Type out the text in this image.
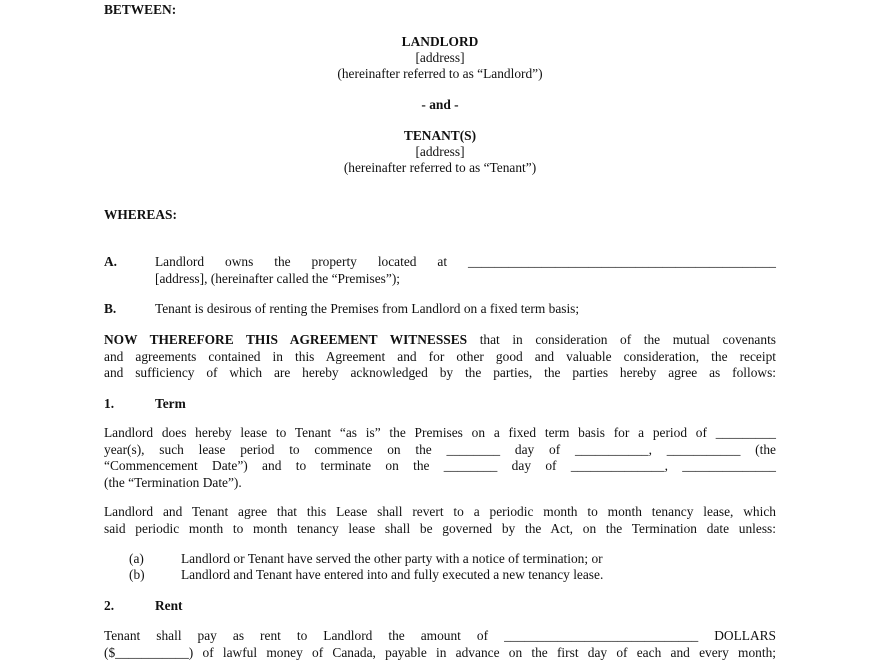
BETWEEN:
LANDLORD
[address]
(hereinafter referred to as “Landlord”)
- and -
TENANT(S)
[address]
(hereinafter referred to as “Tenant”)
WHEREAS:
A.	Landlord owns the property located at ______________________________________________
[address], (hereinafter called the “Premises”);
B.	Tenant is desirous of renting the Premises from Landlord on a fixed term basis;
NOW THEREFORE THIS AGREEMENT WITNESSES that in consideration of the mutual covenants
and agreements contained in this Agreement and for other good and valuable consideration, the receipt
and sufficiency of which are hereby acknowledged by the parties, the parties hereby agree as follows:
1.	Term
Landlord does hereby lease to Tenant “as is” the Premises on a fixed term basis for a period of _________
year(s), such lease period to commence on the ________ day of ___________, ___________ (the
“Commencement Date”) and to terminate on the ________ day of ______________, ______________
(the “Termination Date”).
Landlord and Tenant agree that this Lease shall revert to a periodic month to month tenancy lease, which
said periodic month to month tenancy lease shall be governed by the Act, on the Termination date unless:
(a)	Landlord or Tenant have served the other party with a notice of termination; or
(b)	Landlord and Tenant have entered into and fully executed a new tenancy lease.
2.	Rent
Tenant shall pay as rent to Landlord the amount of _____________________________ DOLLARS
($___________) of lawful money of Canada, payable in advance on the first day of each and every month;
